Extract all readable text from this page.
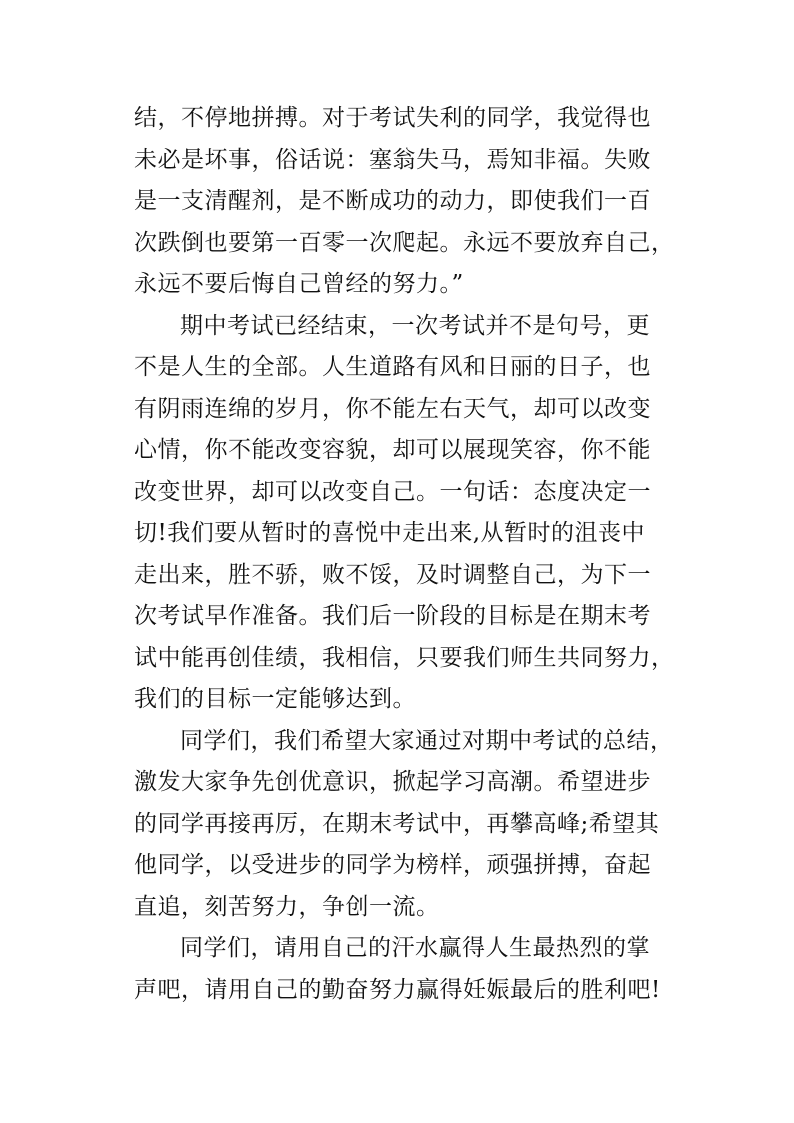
结，不停地拼搏。对于考试失利的同学，我觉得也
未必是坏事，俗话说：塞翁失马，焉知非福。失败
是一支清醒剂，是不断成功的动力，即使我们一百
次跌倒也要第一百零一次爬起。永远不要放弃自己，
永远不要后悔自己曾经的努力。”

期中考试已经结束，一次考试并不是句号，更
不是人生的全部。人生道路有风和日丽的日子，也
有阴雨连绵的岁月，你不能左右天气，却可以改变
心情，你不能改变容貌，却可以展现笑容，你不能
改变世界，却可以改变自己。一句话：态度决定一
切!我们要从暂时的喜悦中走出来,从暂时的沮丧中
走出来，胜不骄，败不馁，及时调整自己，为下一
次考试早作准备。我们后一阶段的目标是在期末考
试中能再创佳绩，我相信，只要我们师生共同努力，
我们的目标一定能够达到。

同学们，我们希望大家通过对期中考试的总结，
激发大家争先创优意识，掀起学习高潮。希望进步
的同学再接再厉，在期末考试中，再攀高峰;希望其
他同学，以受进步的同学为榜样，顽强拼搏，奋起
直追，刻苦努力，争创一流。

同学们，请用自己的汗水赢得人生最热烈的掌
声吧，请用自己的勤奋努力赢得妊娠最后的胜利吧!
